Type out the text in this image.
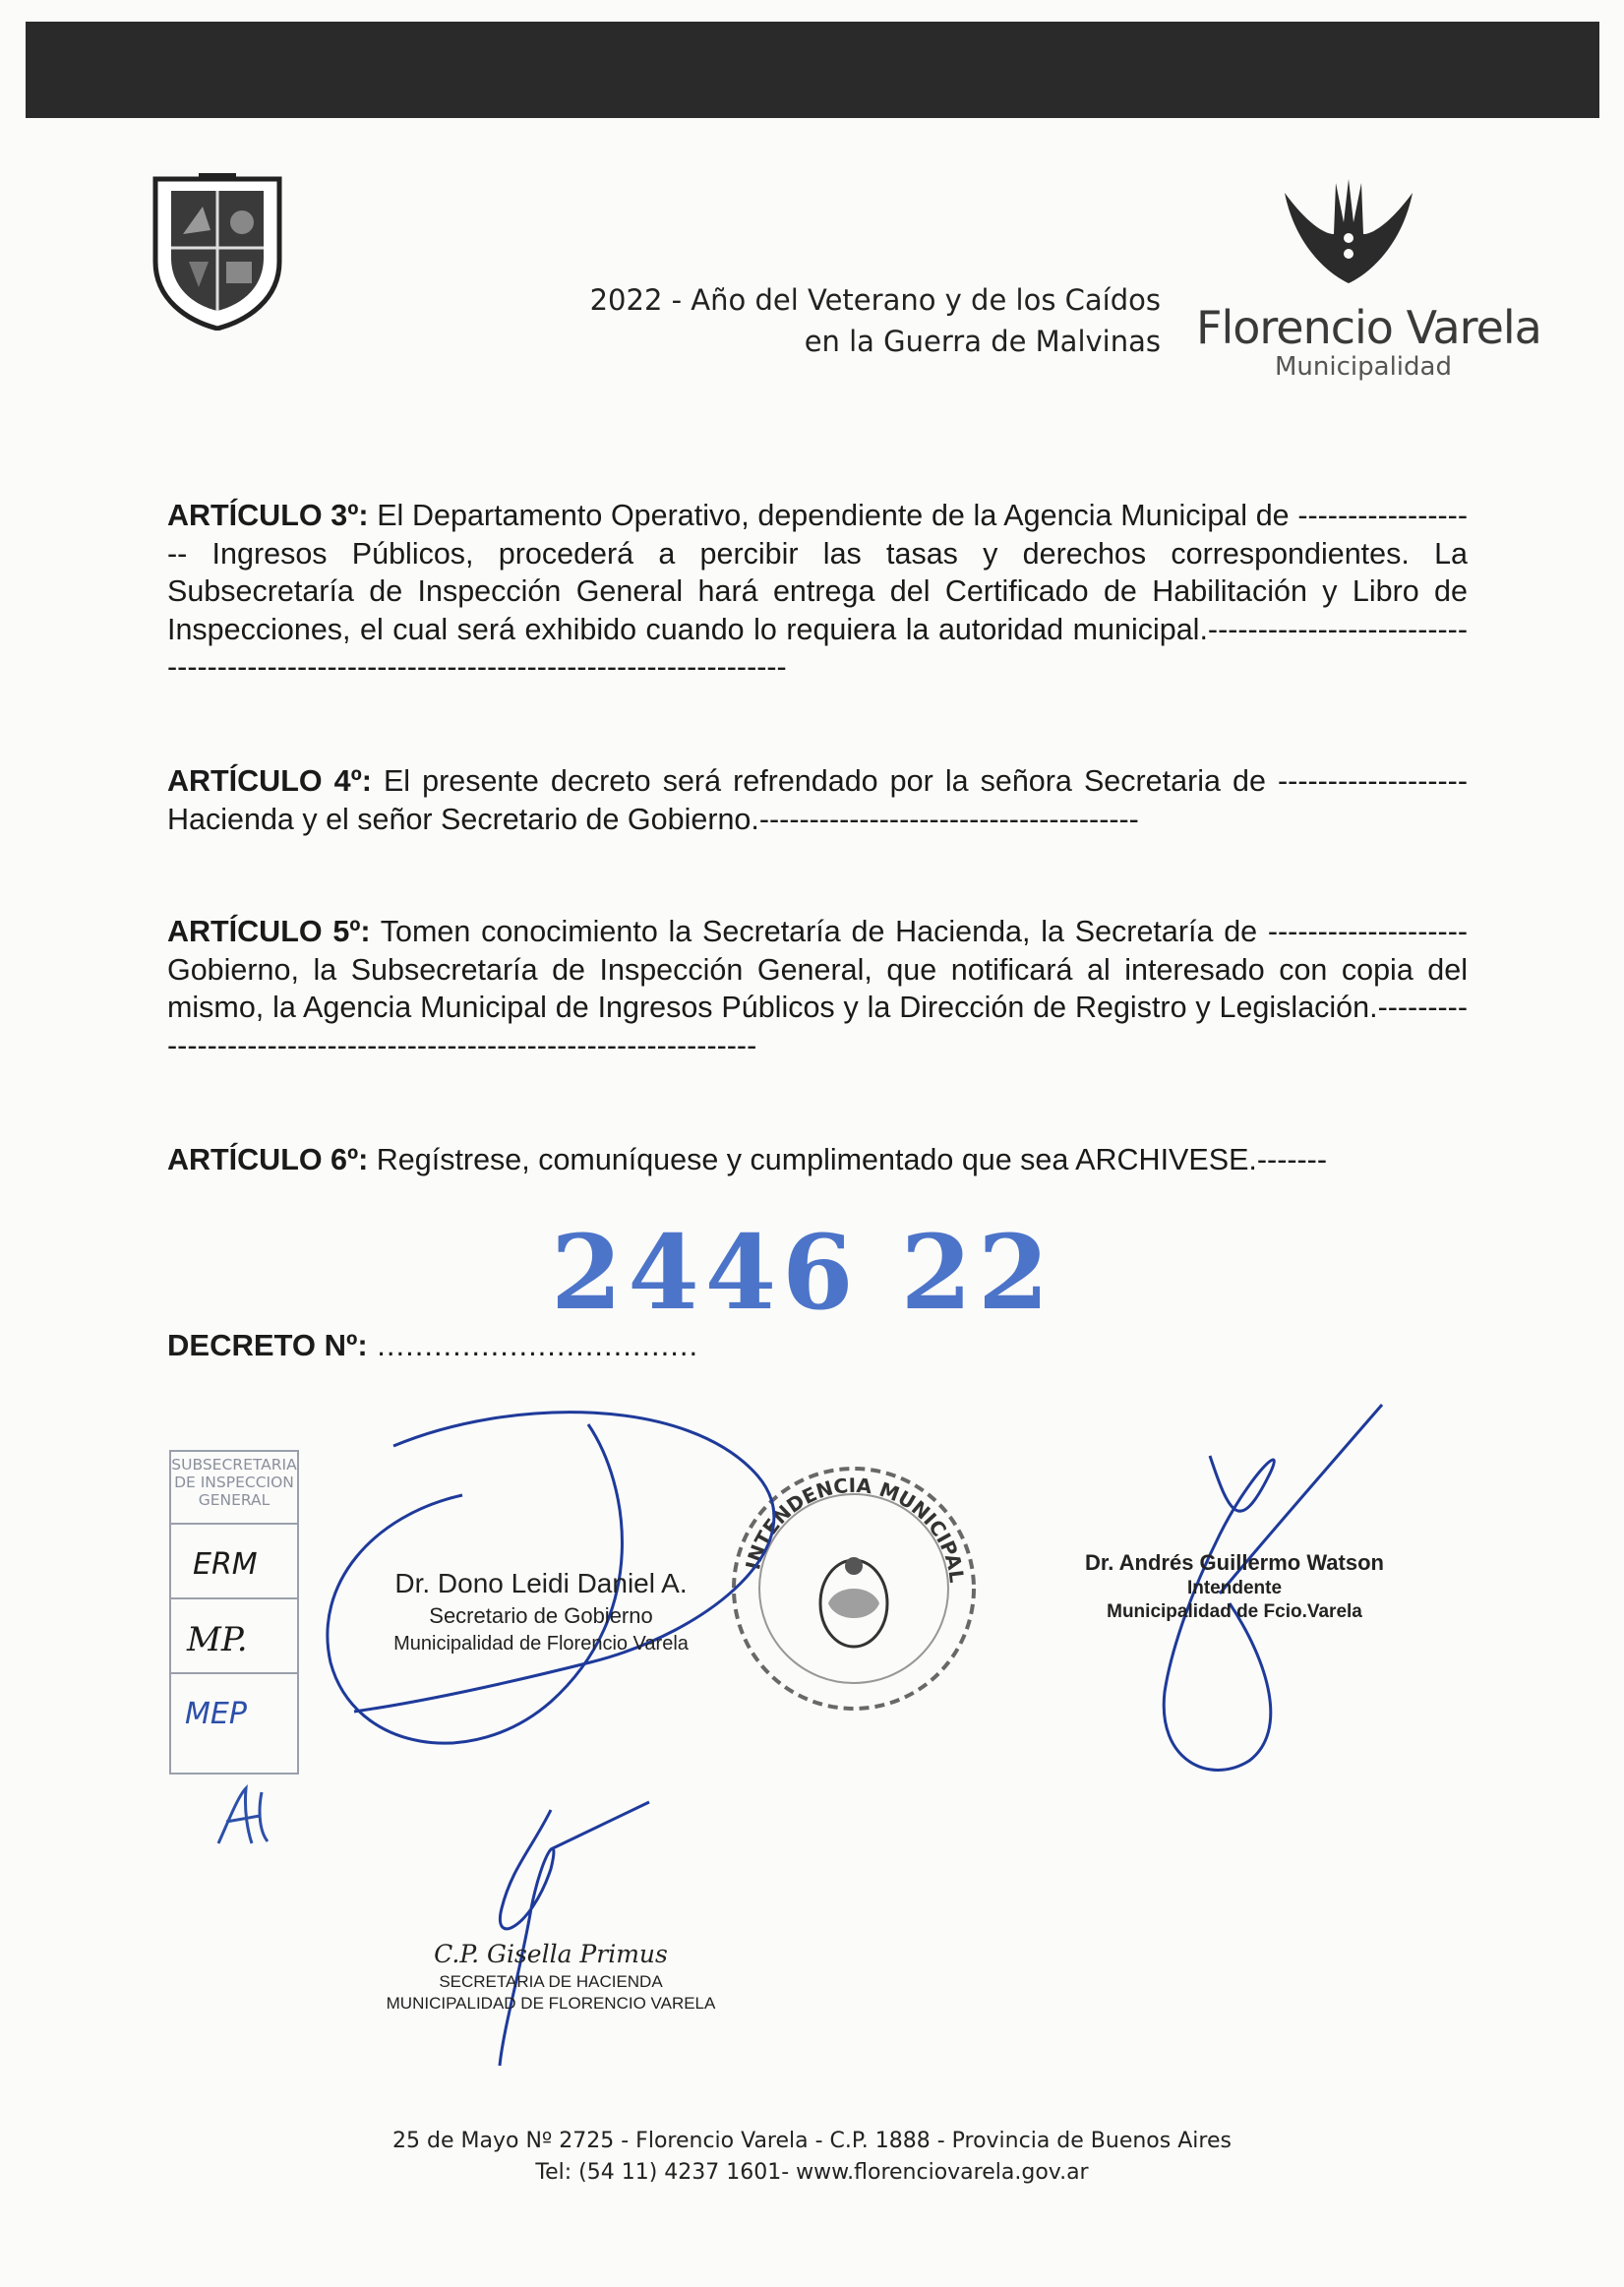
2022 - Año del Veterano y de los Caídos
en la Guerra de Malvinas Florencio Varela
Municipalidad
ARTÍCULO 3º: El Departamento Operativo, dependiente de la Agencia Municipal de ------------------- Ingresos Públicos, procederá a percibir las tasas y derechos correspondientes. La Subsecretaría de Inspección General hará entrega del Certificado de Habilitación y Libro de Inspecciones, el cual será exhibido cuando lo requiera la autoridad municipal.----------------------------------------------------------------------------------------
ARTÍCULO 4º: El presente decreto será refrendado por la señora Secretaria de -------------------Hacienda y el señor Secretario de Gobierno.--------------------------------------
ARTÍCULO 5º: Tomen conocimiento la Secretaría de Hacienda, la Secretaría de -------------------- Gobierno, la Subsecretaría de Inspección General, que notificará al interesado con copia del mismo, la Agencia Municipal de Ingresos Públicos y la Dirección de Registro y Legislación.--------------------------------------------------------------------
ARTÍCULO 6º: Regístrese, comuníquese y cumplimentado que sea ARCHIVESE.-------
2446 22
DECRETO Nº: ..................................
SUBSECRETARIA DE INSPECCION GENERAL
ERM
MP.
MEP
INTENDENCIA MUNICIPAL
Dr. Dono Leidi Daniel A.
Secretario de Gobierno
Municipalidad de Florencio Varela
Dr. Andrés Guillermo Watson
Intendente
Municipalidad de Fcio.Varela
C.P. Gisella Primus
SECRETARIA DE HACIENDA
MUNICIPALIDAD DE FLORENCIO VARELA
25 de Mayo Nº 2725 - Florencio Varela - C.P. 1888 - Provincia de Buenos Aires
Tel: (54 11) 4237 1601- www.florenciovarela.gov.ar
